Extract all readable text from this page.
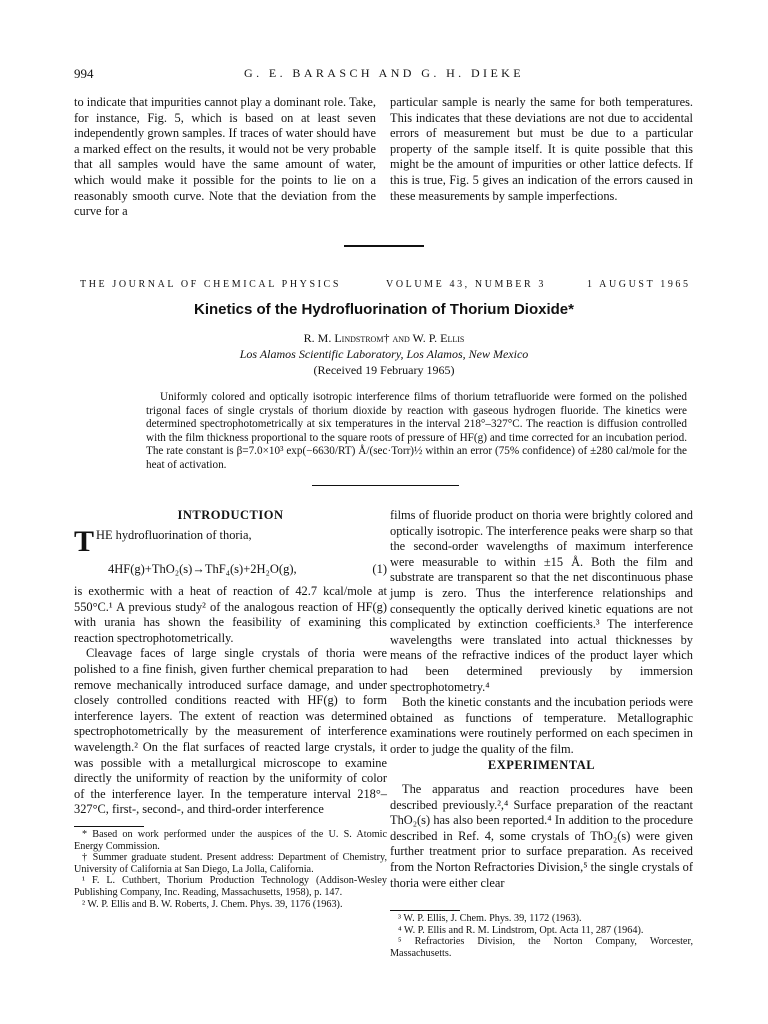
994	G. E. BARASCH AND G. H. DIEKE

to indicate that impurities cannot play a dominant role. Take, for instance, Fig. 5, which is based on at least seven independently grown samples. If traces of water should have a marked effect on the results, it would not be very probable that all samples would have the same amount of water, which would make it possible for the points to lie on a reasonably smooth curve. Note that the deviation from the curve for a

particular sample is nearly the same for both temperatures. This indicates that these deviations are not due to accidental errors of measurement but must be due to a particular property of the sample itself. It is quite possible that this might be the amount of impurities or other lattice defects. If this is true, Fig. 5 gives an indication of the errors caused in these measurements by sample imperfections.

THE JOURNAL OF CHEMICAL PHYSICS	VOLUME 43, NUMBER 3	1 AUGUST 1965
Kinetics of the Hydrofluorination of Thorium Dioxide*
R. M. Lindstrom† and W. P. Ellis
Los Alamos Scientific Laboratory, Los Alamos, New Mexico
(Received 19 February 1965)

Uniformly colored and optically isotropic interference films of thorium tetrafluoride were formed on the polished trigonal faces of single crystals of thorium dioxide by reaction with gaseous hydrogen fluoride. The kinetics were determined spectrophotometrically at six temperatures in the interval 218°–327°C. The reaction is diffusion controlled with the film thickness proportional to the square roots of pressure of HF(g) and time corrected for an incubation period. The rate constant is β=7.0×10³ exp(−6630/RT) Å/(sec·Torr)½ within an error (75% confidence) of ±280 cal/mole for the heat of activation.

INTRODUCTION
THE hydrofluorination of thoria,
4HF(g)+ThO₂(s)→ThF₄(s)+2H₂O(g),	(1)

is exothermic with a heat of reaction of 42.7 kcal/mole at 550°C.¹ A previous study² of the analogous reaction of HF(g) with urania has shown the feasibility of examining this reaction spectrophotometrically.

Cleavage faces of large single crystals of thoria were polished to a fine finish, given further chemical preparation to remove mechanically introduced surface damage, and under closely controlled conditions reacted with HF(g) to form interference layers. The extent of reaction was determined spectrophotometrically by the measurement of interference wavelength.² On the flat surfaces of reacted large crystals, it was possible with a metallurgical microscope to examine directly the uniformity of reaction by the uniformity of color of the interference layer. In the temperature interval 218°–327°C, first-, second-, and third-order interference

* Based on work performed under the auspices of the U. S. Atomic Energy Commission.
† Summer graduate student. Present address: Department of Chemistry, University of California at San Diego, La Jolla, California.
¹ F. L. Cuthbert, Thorium Production Technology (Addison-Wesley Publishing Company, Inc. Reading, Massachusetts, 1958), p. 147.
² W. P. Ellis and B. W. Roberts, J. Chem. Phys. 39, 1176 (1963).

films of fluoride product on thoria were brightly colored and optically isotropic. The interference peaks were sharp so that the second-order wavelengths of maximum interference were measurable to within ±15 Å. Both the film and substrate are transparent so that the net discontinuous phase jump is zero. Thus the interference relationships and consequently the optically derived kinetic equations are not complicated by extinction coefficients.³ The interference wavelengths were translated into actual thicknesses by means of the refractive indices of the product layer which had been determined previously by immersion spectrophotometry.⁴

Both the kinetic constants and the incubation periods were obtained as functions of temperature. Metallographic examinations were routinely performed on each specimen in order to judge the quality of the film.

EXPERIMENTAL

The apparatus and reaction procedures have been described previously.²,⁴ Surface preparation of the reactant ThO₂(s) has also been reported.⁴ In addition to the procedure described in Ref. 4, some crystals of ThO₂(s) were given further treatment prior to surface preparation. As received from the Norton Refractories Division,⁵ the single crystals of thoria were either clear

³ W. P. Ellis, J. Chem. Phys. 39, 1172 (1963).
⁴ W. P. Ellis and R. M. Lindstrom, Opt. Acta 11, 287 (1964).
⁵ Refractories Division, the Norton Company, Worcester, Massachusetts.
